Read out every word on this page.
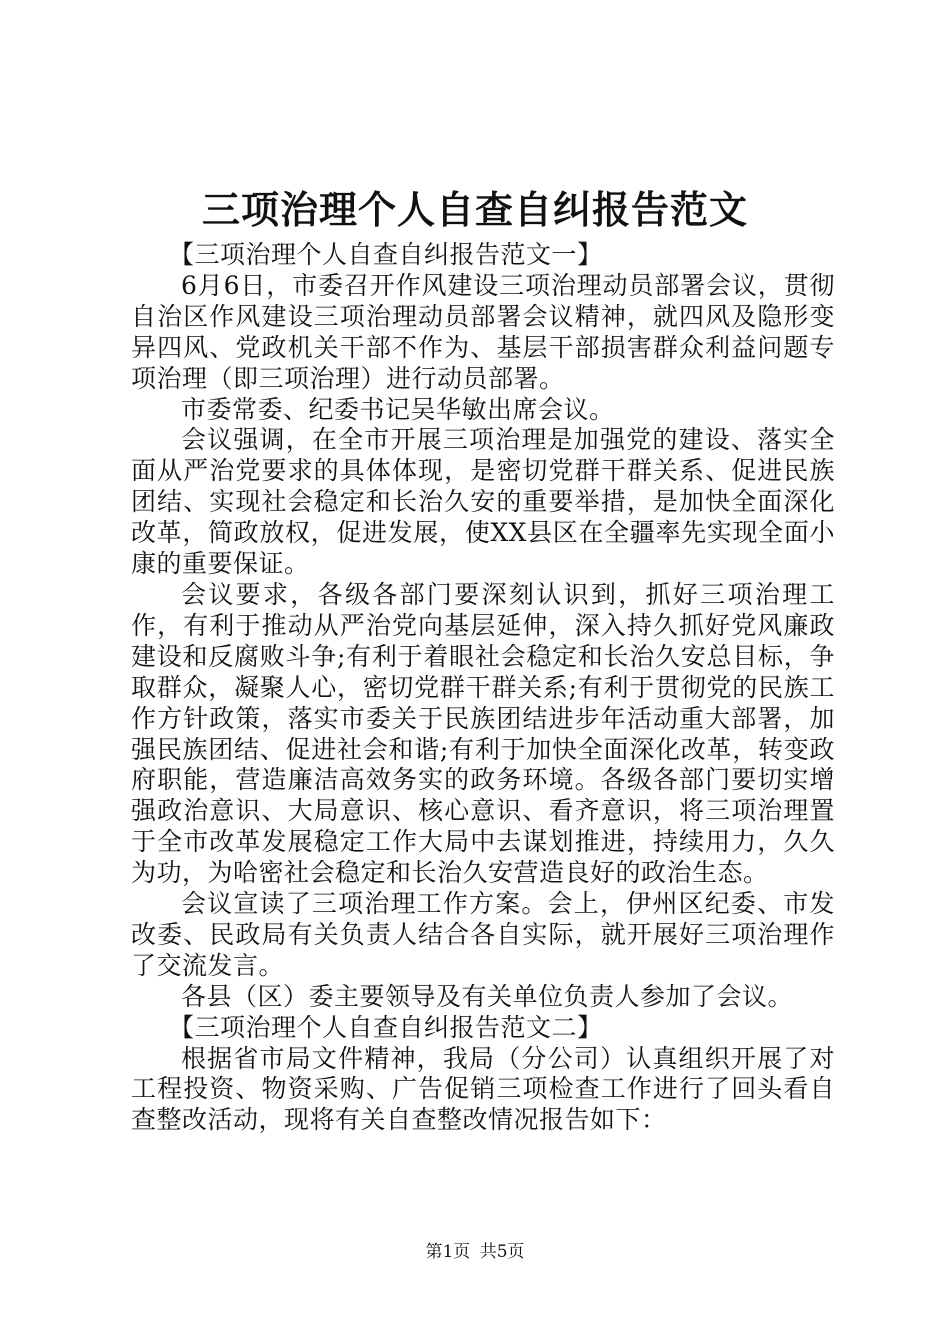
三项治理个人自查自纠报告范文

【三项治理个人自查自纠报告范文一】

6月6日，市委召开作风建设三项治理动员部署会议，贯彻自治区作风建设三项治理动员部署会议精神，就四风及隐形变异四风、党政机关干部不作为、基层干部损害群众利益问题专项治理（即三项治理）进行动员部署。

市委常委、纪委书记吴华敏出席会议。

会议强调，在全市开展三项治理是加强党的建设、落实全面从严治党要求的具体体现，是密切党群干群关系、促进民族团结、实现社会稳定和长治久安的重要举措，是加快全面深化改革，简政放权，促进发展，使XX县区在全疆率先实现全面小康的重要保证。

会议要求，各级各部门要深刻认识到，抓好三项治理工作，有利于推动从严治党向基层延伸，深入持久抓好党风廉政建设和反腐败斗争;有利于着眼社会稳定和长治久安总目标，争取群众，凝聚人心，密切党群干群关系;有利于贯彻党的民族工作方针政策，落实市委关于民族团结进步年活动重大部署，加强民族团结、促进社会和谐;有利于加快全面深化改革，转变政府职能，营造廉洁高效务实的政务环境。各级各部门要切实增强政治意识、大局意识、核心意识、看齐意识，将三项治理置于全市改革发展稳定工作大局中去谋划推进，持续用力，久久为功，为哈密社会稳定和长治久安营造良好的政治生态。

会议宣读了三项治理工作方案。会上，伊州区纪委、市发改委、民政局有关负责人结合各自实际，就开展好三项治理作了交流发言。

各县（区）委主要领导及有关单位负责人参加了会议。

【三项治理个人自查自纠报告范文二】

根据省市局文件精神，我局（分公司）认真组织开展了对工程投资、物资采购、广告促销三项检查工作进行了回头看自查整改活动，现将有关自查整改情况报告如下：

第1页 共5页
